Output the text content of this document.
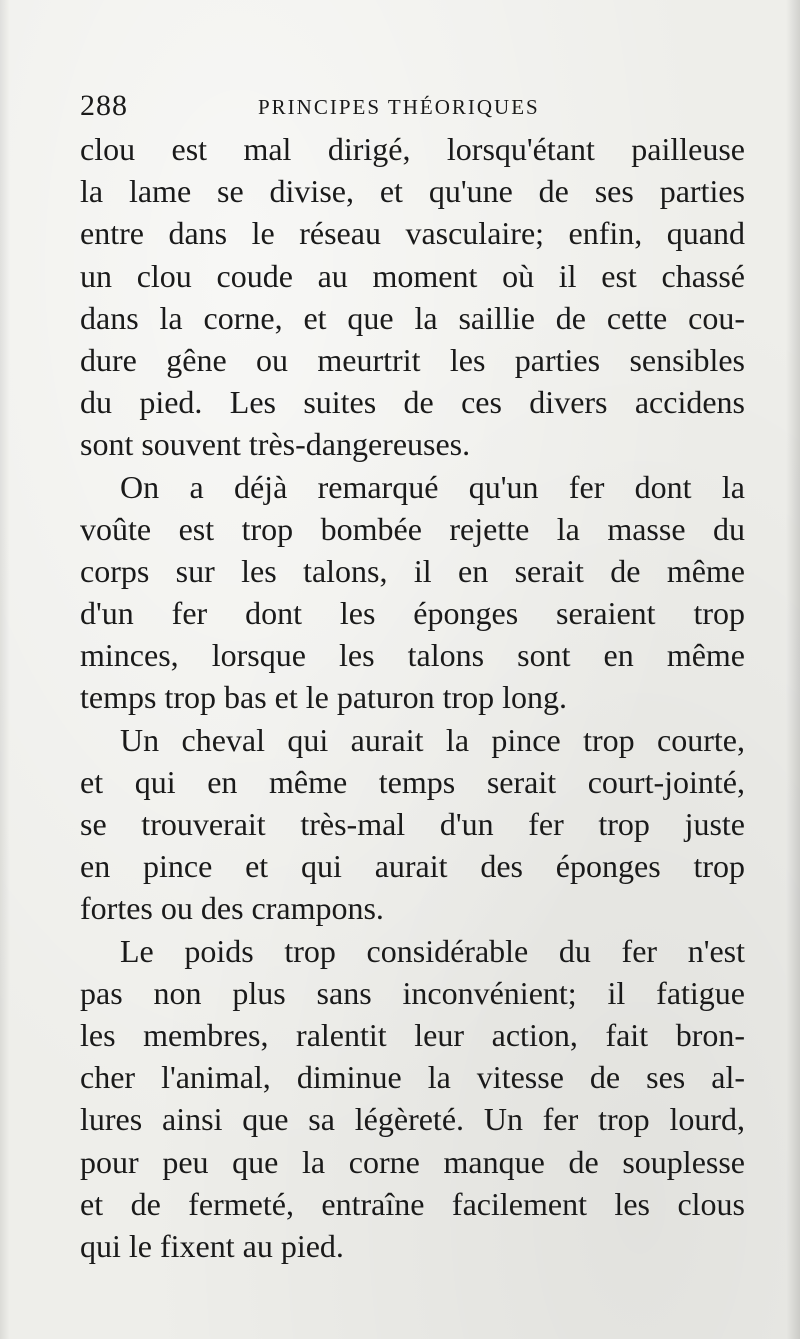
288	PRINCIPES THÉORIQUES
clou est mal dirigé, lorsqu'étant pailleuse
la lame se divise, et qu'une de ses parties
entre dans le réseau vasculaire; enfin, quand
un clou coude au moment où il est chassé
dans la corne, et que la saillie de cette cou-
dure gêne ou meurtrit les parties sensibles
du pied. Les suites de ces divers accidens
sont souvent très-dangereuses.
On a déjà remarqué qu'un fer dont la
voûte est trop bombée rejette la masse du
corps sur les talons, il en serait de même
d'un fer dont les éponges seraient trop
minces, lorsque les talons sont en même
temps trop bas et le paturon trop long.
Un cheval qui aurait la pince trop courte,
et qui en même temps serait court-jointé,
se trouverait très-mal d'un fer trop juste
en pince et qui aurait des éponges trop
fortes ou des crampons.
Le poids trop considérable du fer n'est
pas non plus sans inconvénient; il fatigue
les membres, ralentit leur action, fait bron-
cher l'animal, diminue la vitesse de ses al-
lures ainsi que sa légèreté. Un fer trop lourd,
pour peu que la corne manque de souplesse
et de fermeté, entraîne facilement les clous
qui le fixent au pied.
